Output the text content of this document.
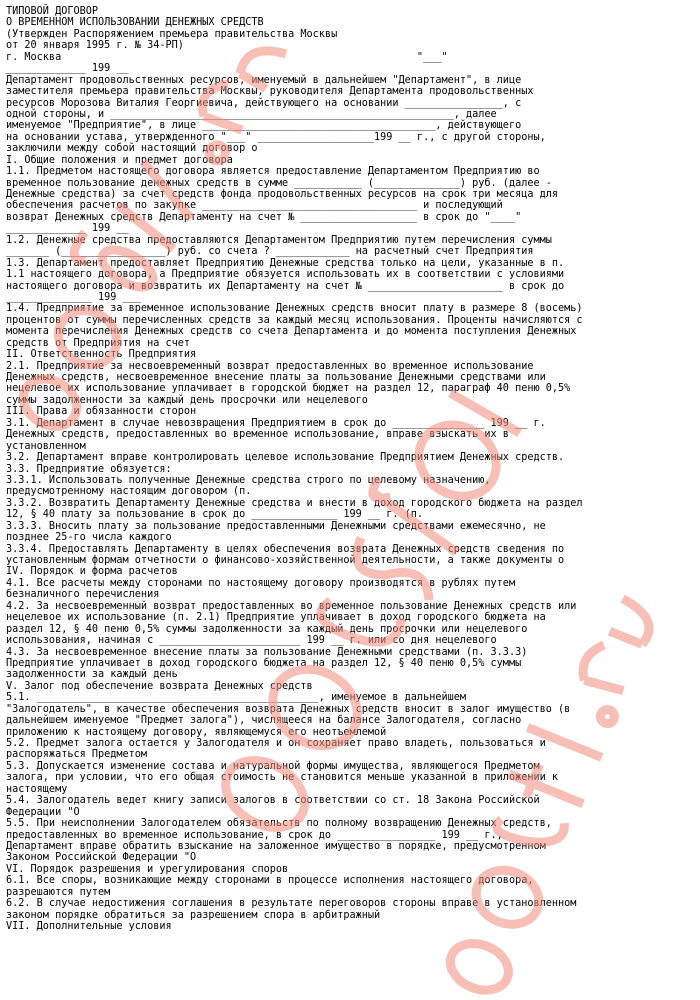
ТИПОВОЙ ДОГОВОР
О ВРЕМЕННОМ ИСПОЛЬЗОВАНИИ ДЕНЕЖНЫХ СРЕДСТВ
(Утвержден Распоряжением премьера правительства Москвы
от 20 января 1995 г. № 34-РП)
г. Москва                                                          "___"
_____________ 199 __
Департамент продовольственных ресурсов, именуемый в дальнейшем "Департамент", в лице
заместителя премьера правительства Москвы, руководителя Департамента продовольственных
ресурсов Морозова Виталия Георгиевича, действующего на основании ________________, с
одной стороны, и ________________________________________________________, далее
именуемое "Предприятие", в лице ______________________________________, действующего
на основании устава, утвержденного "___" ___________________199 __ г., с другой стороны,
заключили между собой настоящий договор о
I. Общие положения и предмет договора
1.1. Предметом настоящего договора является предоставление Департаментом Предприятию во
временное пользование денежных средств в сумме ___________ (______________) руб. (далее -
Денежные средства) за счет средств фонда продовольственных ресурсов на срок три месяца для
обеспечения расчетов по закупке ___________________________________ и последующий
возврат Денежных средств Департаменту на счет № ___________________ в срок до "____"
_____________ 199 __
1.2. Денежные средства предоставляются Департаментом Предприятию путем перечисления суммы
_______ (_________________) руб. со счета ? ____________ на расчетный счет Предприятия
1.3. Департамент предоставляет Предприятию Денежные средства только на цели, указанные в п.
1.1 настоящего договора, а Предприятие обязуется использовать их в соответствии с условиями
настоящего договора и возвратить их Департаменту на счет № ______________________ в срок до
______________ 199 ___
1.4. Предприятие за временное использование Денежных средств вносит плату в размере 8 (восемь)
процентов от суммы перечисленных средств за каждый месяц использования. Проценты начисляются с
момента перечисления Денежных средств со счета Департамента и до момента поступления Денежных
средств от Предприятия на счет
II. Ответственность Предприятия
2.1. Предприятие за несвоевременный возврат предоставленных во временное использование
Денежных средств, несвоевременное внесение платы за пользование Денежными средствами или
нецелевое их использование уплачивает в городской бюджет на раздел 12, параграф 40 пеню 0,5%
суммы задолженности за каждый день просрочки или нецелевого
III. Права и обязанности сторон
3.1. Департамент в случае невозвращения Предприятием в срок до _______________ 199 __ г.
Денежных средств, предоставленных во временное использование, вправе взыскать их в
установленном
3.2. Департамент вправе контролировать целевое использование Предприятием Денежных средств.
3.3. Предприятие обязуется:
3.3.1. Использовать полученные Денежные средства строго по целевому назначению,
предусмотренному настоящим договором (п.
3.3.2. Возвратить Департаменту Денежные средства и внести в доход городского бюджета на раздел
12, § 40 плату за пользование в срок до ______________ 199 __ г. (п.
3.3.3. Вносить плату за пользование предоставленными Денежными средствами ежемесячно, не
позднее 25-го числа каждого
3.3.4. Предоставлять Департаменту в целях обеспечения возврата Денежных средств сведения по
установленным формам отчетности о финансово-хозяйственной деятельности, а также документы о
IV. Порядок и форма расчетов
4.1. Все расчеты между сторонами по настоящему договору производятся в рублях путем
безналичного перечисления
4.2. За несвоевременный возврат предоставленных во временное пользование Денежных средств или
нецелевое их использование (п. 2.1) Предприятие уплачивает в доход городского бюджета на
раздел 12, § 40 пеню 0,5% суммы задолженности за каждый день просрочки или нецелевого
использования, начиная с _______________________ 199 __ г. или со дня нецелевого
4.3. За несвоевременное внесение платы за пользование Денежными средствами (п. 3.3.3)
Предприятие уплачивает в доход городского бюджета на раздел 12, § 40 пеню 0,5% суммы
задолженности за каждый день
V. Залог под обеспечение возврата Денежных средств
5.1. ______________________________________________, именуемое в дальнейшем
"Залогодатель", в качестве обеспечения возврата Денежных средств вносит в залог имущество (в
дальнейшем именуемое "Предмет залога"), числящееся на балансе Залогодателя, согласно
приложению к настоящему договору, являющемуся его неотъемлемой
5.2. Предмет залога остается у Залогодателя и он сохраняет право владеть, пользоваться и
распоряжаться Предметом
5.3. Допускается изменение состава и натуральной формы имущества, являющегося Предметом
залога, при условии, что его общая стоимость не становится меньше указанной в приложении к
настоящему
5.4. Залогодатель ведет книгу записи залогов в соответствии со ст. 18 Закона Российской
Федерации "О
5.5. При неисполнении Залогодателем обязательств по полному возвращению Денежных средств,
предоставленных во временное использование, в срок до ________________ 199 __ г.,
Департамент вправе обратить взыскание на заложенное имущество в порядке, предусмотренном
Законом Российской Федерации "О
VI. Порядок разрешения и урегулирования споров
6.1. Все споры, возникающие между сторонами в процессе исполнения настоящего договора,
разрешаются путем
6.2. В случае недостижения соглашения в результате переговоров стороны вправе в установленном
законом порядке обратиться за разрешением спора в арбитражный
VII. Дополнительные условия
